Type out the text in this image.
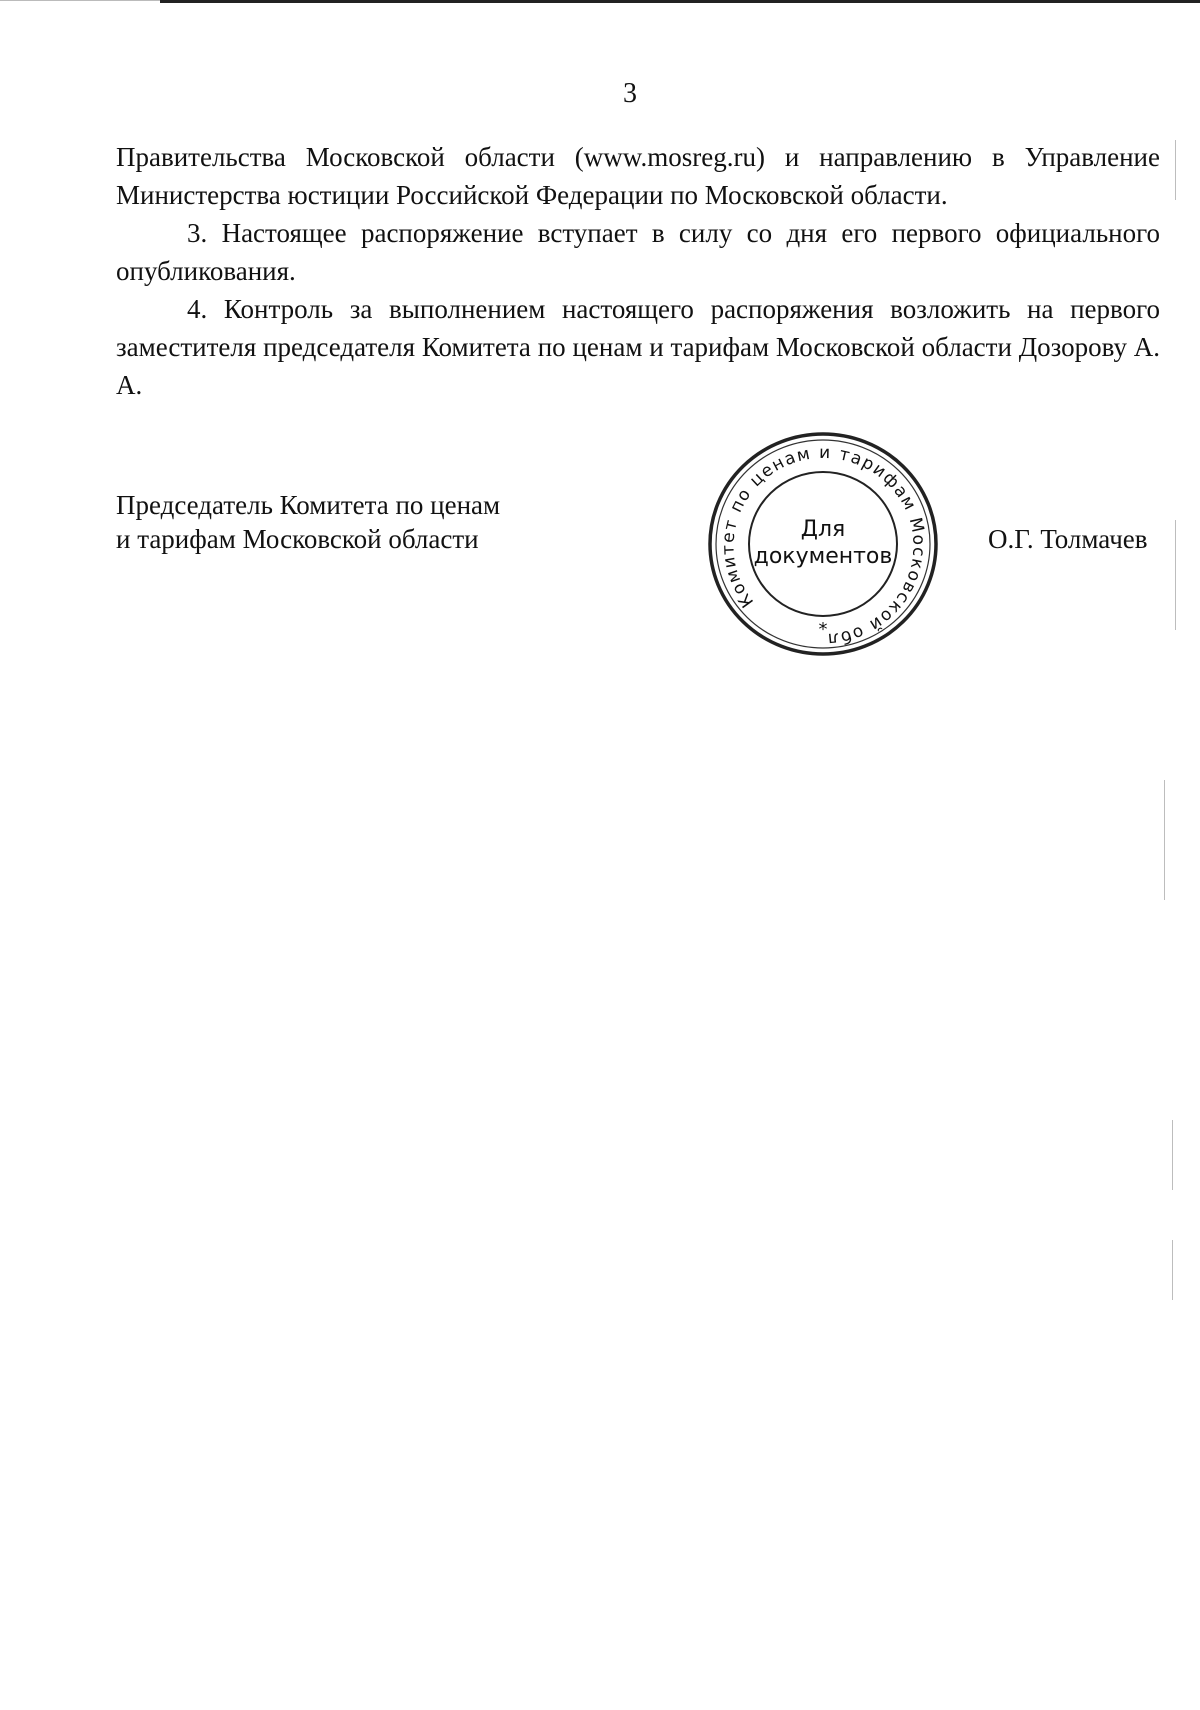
3

Правительства Московской области (www.mosreg.ru) и направлению в Управление Министерства юстиции Российской Федерации по Московской области.

3. Настоящее распоряжение вступает в силу со дня его первого официального опубликования.

4. Контроль за выполнением настоящего распоряжения возложить на первого заместителя председателя Комитета по ценам и тарифам Московской области Дозорову А. А.

Председатель Комитета по ценам
и тарифам Московской области
Комитет по ценам и тарифам Московской обл
*
Для
документов
О.Г. Толмачев
